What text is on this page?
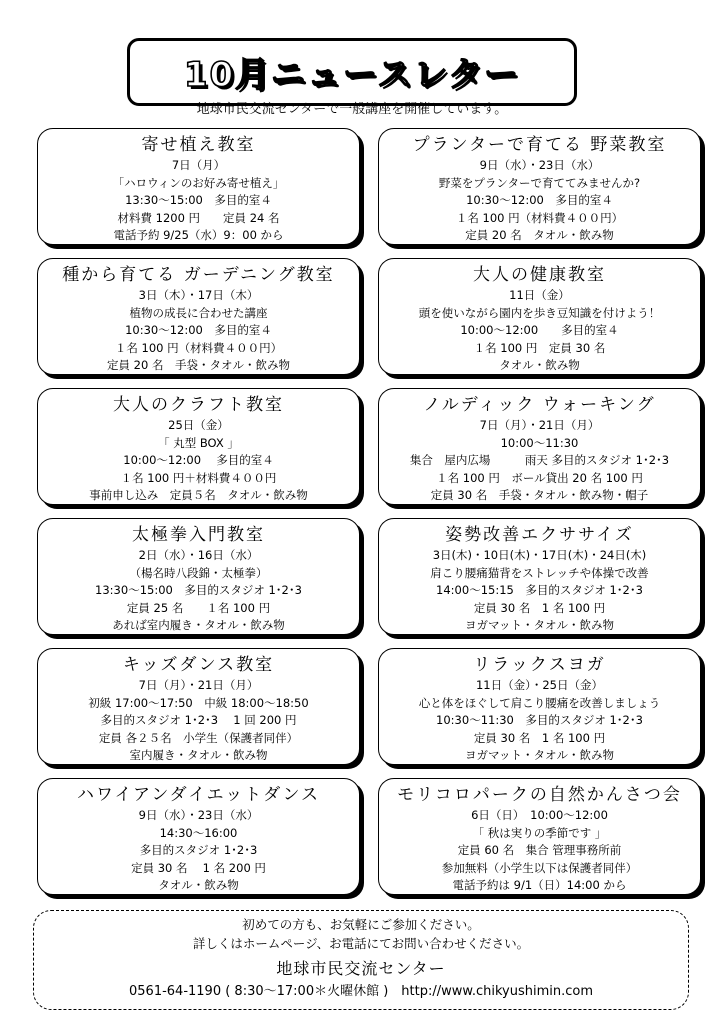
10月ニュースレター
地球市民交流センターで一般講座を開催しています。
寄せ植え教室
7日（月）
「ハロウィンのお好み寄せ植え」
13:30〜15:00　多目的室４
材料費 1200 円　　定員 24 名
電話予約 9/25（水）9：00 から
種から育てる ガーデニング教室
3日（木）・17日（木）
植物の成長に合わせた講座
10:30〜12:00　多目的室４
１名 100 円（材料費４００円）
定員 20 名　手袋・タオル・飲み物
大人のクラフト教室
25日（金）
「 丸型 BOX 」
10:00〜12:00　 多目的室４
１名 100 円＋材料費４００円
事前申し込み　定員５名　タオル・飲み物
太極拳入門教室
2日（水）・16日（水）
（楊名時八段錦・太極拳）
13:30〜15:00　多目的スタジオ 1･2･3
定員 25 名　　１名 100 円
あれば室内履き・タオル・飲み物
キッズダンス教室
7日（月）・21日（月）
初級 17:00〜17:50　中級 18:00〜18:50
多目的スタジオ 1･2･3　 1 回 200 円
定員 各２５名　小学生（保護者同伴）
室内履き・タオル・飲み物
ハワイアンダイエットダンス
9日（水）・23日（水）
14:30〜16:00
多目的スタジオ 1･2･3
定員 30 名　 1 名 200 円
タオル・飲み物
プランターで育てる 野菜教室
9日（水）・23日（水）
野菜をプランターで育ててみませんか?
10:30〜12:00　多目的室４
１名 100 円（材料費４００円）
定員 20 名　タオル・飲み物
大人の健康教室
11日（金）
頭を使いながら園内を歩き豆知識を付けよう！
10:00〜12:00　　多目的室４
１名 100 円　定員 30 名
タオル・飲み物
ノルディック ウォーキング
7日（月）・21日（月）
10:00〜11:30
集合　屋内広場　　　雨天 多目的スタジオ 1･2･3
１名 100 円　ボール貸出 20 名 100 円
定員 30 名　手袋・タオル・飲み物・帽子
姿勢改善エクササイズ
3日(木)・10日(木)・17日(木)・24日(木)
肩こり腰痛猫背をストレッチや体操で改善
14:00〜15:15　多目的スタジオ 1･2･3
定員 30 名　1 名 100 円
ヨガマット・タオル・飲み物
リラックスヨガ
11日（金）・25日（金）
心と体をほぐして肩こり腰痛を改善しましょう
10:30〜11:30　多目的スタジオ 1･2･3
定員 30 名　1 名 100 円
ヨガマット・タオル・飲み物
モリコロパークの自然かんさつ会
6日（日）　10:00〜12:00
「 秋は実りの季節です 」
定員 60 名　集合 管理事務所前
参加無料（小学生以下は保護者同伴）
電話予約は 9/1（日）14:00 から
初めての方も、お気軽にご参加ください。
詳しくはホームページ、お電話にてお問い合わせください。
地球市民交流センター
0561-64-1190 ( 8:30〜17:00＊火曜休館 )　http://www.chikyushimin.com
